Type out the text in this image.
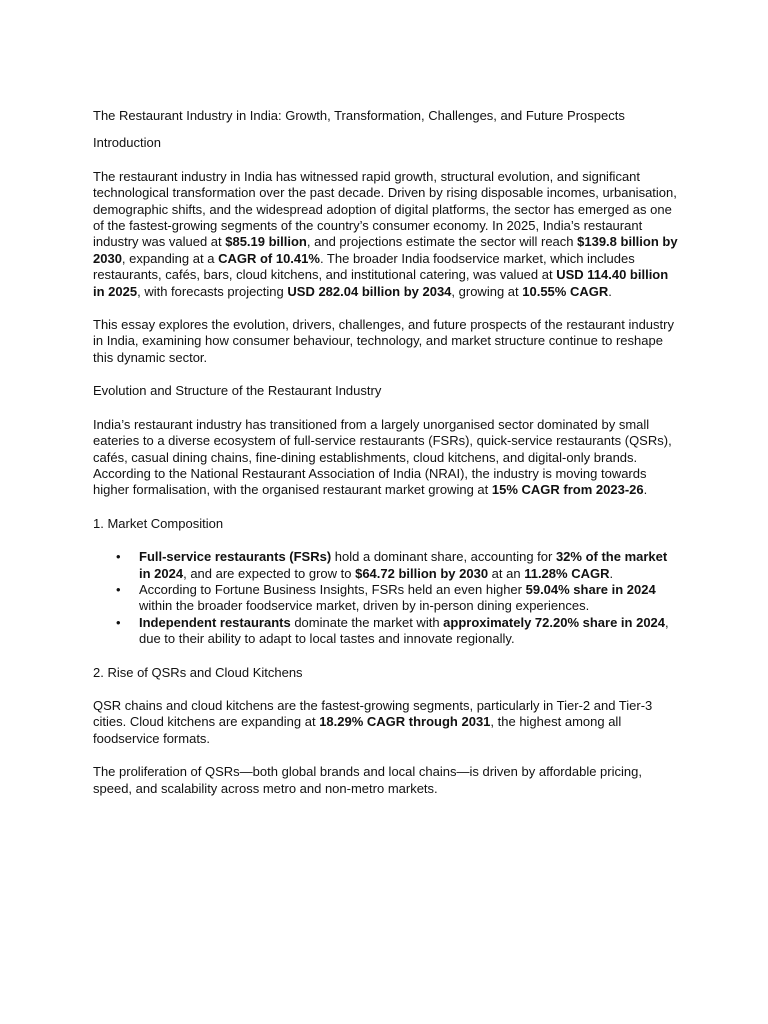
The Restaurant Industry in India: Growth, Transformation, Challenges, and Future Prospects

Introduction

The restaurant industry in India has witnessed rapid growth, structural evolution, and significant technological transformation over the past decade. Driven by rising disposable incomes, urbanisation, demographic shifts, and the widespread adoption of digital platforms, the sector has emerged as one of the fastest-growing segments of the country’s consumer economy. In 2025, India’s restaurant industry was valued at $85.19 billion, and projections estimate the sector will reach $139.8 billion by 2030, expanding at a CAGR of 10.41%. The broader India foodservice market, which includes restaurants, cafés, bars, cloud kitchens, and institutional catering, was valued at USD 114.40 billion in 2025, with forecasts projecting USD 282.04 billion by 2034, growing at 10.55% CAGR.

This essay explores the evolution, drivers, challenges, and future prospects of the restaurant industry in India, examining how consumer behaviour, technology, and market structure continue to reshape this dynamic sector.

Evolution and Structure of the Restaurant Industry

India’s restaurant industry has transitioned from a largely unorganised sector dominated by small eateries to a diverse ecosystem of full-service restaurants (FSRs), quick-service restaurants (QSRs), cafés, casual dining chains, fine-dining establishments, cloud kitchens, and digital-only brands. According to the National Restaurant Association of India (NRAI), the industry is moving towards higher formalisation, with the organised restaurant market growing at 15% CAGR from 2023-26.

1. Market Composition

• Full-service restaurants (FSRs) hold a dominant share, accounting for 32% of the market in 2024, and are expected to grow to $64.72 billion by 2030 at an 11.28% CAGR.
• According to Fortune Business Insights, FSRs held an even higher 59.04% share in 2024 within the broader foodservice market, driven by in-person dining experiences.
• Independent restaurants dominate the market with approximately 72.20% share in 2024, due to their ability to adapt to local tastes and innovate regionally.

2. Rise of QSRs and Cloud Kitchens

QSR chains and cloud kitchens are the fastest-growing segments, particularly in Tier-2 and Tier-3 cities. Cloud kitchens are expanding at 18.29% CAGR through 2031, the highest among all foodservice formats.

The proliferation of QSRs—both global brands and local chains—is driven by affordable pricing, speed, and scalability across metro and non-metro markets.
